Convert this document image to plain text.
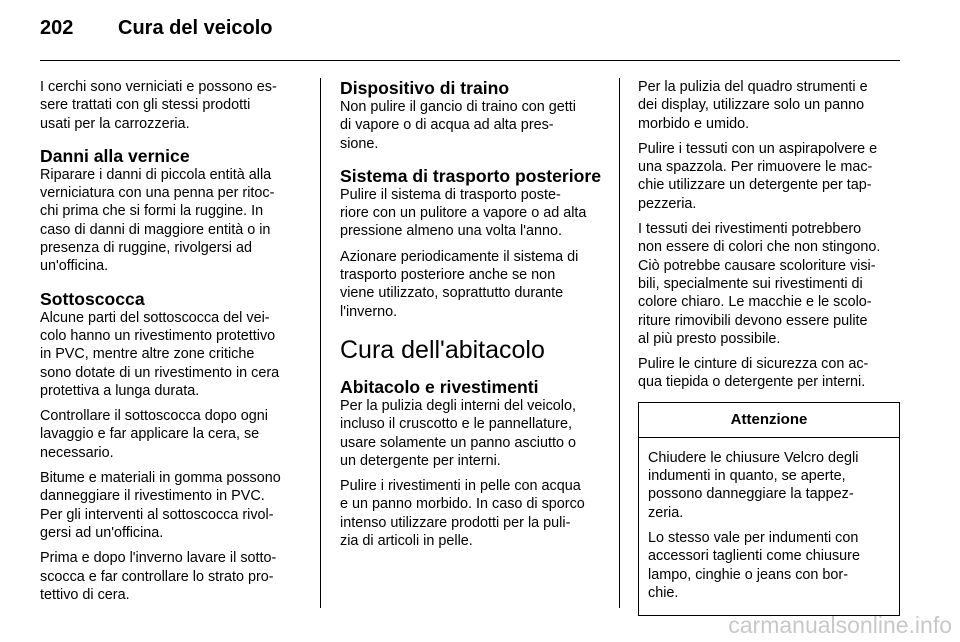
202 Cura del veicolo

I cerchi sono verniciati e possono es-
sere trattati con gli stessi prodotti
usati per la carrozzeria.

Danni alla vernice

Riparare i danni di piccola entità alla
verniciatura con una penna per ritoc-
chi prima che si formi la ruggine. In
caso di danni di maggiore entità o in
presenza di ruggine, rivolgersi ad
un'officina.

Sottoscocca

Alcune parti del sottoscocca del vei-
colo hanno un rivestimento protettivo
in PVC, mentre altre zone critiche
sono dotate di un rivestimento in cera
protettiva a lunga durata.

Controllare il sottoscocca dopo ogni
lavaggio e far applicare la cera, se
necessario.

Bitume e materiali in gomma possono
danneggiare il rivestimento in PVC.
Per gli interventi al sottoscocca rivol-
gersi ad un'officina.

Prima e dopo l'inverno lavare il sotto-
scocca e far controllare lo strato pro-
tettivo di cera.

Dispositivo di traino

Non pulire il gancio di traino con getti
di vapore o di acqua ad alta pres-
sione.

Sistema di trasporto posteriore

Pulire il sistema di trasporto poste-
riore con un pulitore a vapore o ad alta
pressione almeno una volta l'anno.

Azionare periodicamente il sistema di
trasporto posteriore anche se non
viene utilizzato, soprattutto durante
l'inverno.

Cura dell'abitacolo
Abitacolo e rivestimenti

Per la pulizia degli interni del veicolo,
incluso il cruscotto e le pannellature,
usare solamente un panno asciutto o
un detergente per interni.

Pulire i rivestimenti in pelle con acqua
e un panno morbido. In caso di sporco
intenso utilizzare prodotti per la puli-
zia di articoli in pelle.

Per la pulizia del quadro strumenti e
dei display, utilizzare solo un panno
morbido e umido.

Pulire i tessuti con un aspirapolvere e
una spazzola. Per rimuovere le mac-
chie utilizzare un detergente per tap-
pezzeria.

I tessuti dei rivestimenti potrebbero
non essere di colori che non stingono.
Ciò potrebbe causare scoloriture visi-
bili, specialmente sui rivestimenti di
colore chiaro. Le macchie e le scolo-
riture rimovibili devono essere pulite
al più presto possibile.

Pulire le cinture di sicurezza con ac-
qua tiepida o detergente per interni.

Attenzione

Chiudere le chiusure Velcro degli
indumenti in quanto, se aperte,
possono danneggiare la tappez-
zeria.

Lo stesso vale per indumenti con
accessori taglienti come chiusure
lampo, cinghie o jeans con bor-
chie.

carmanualsonline.info
